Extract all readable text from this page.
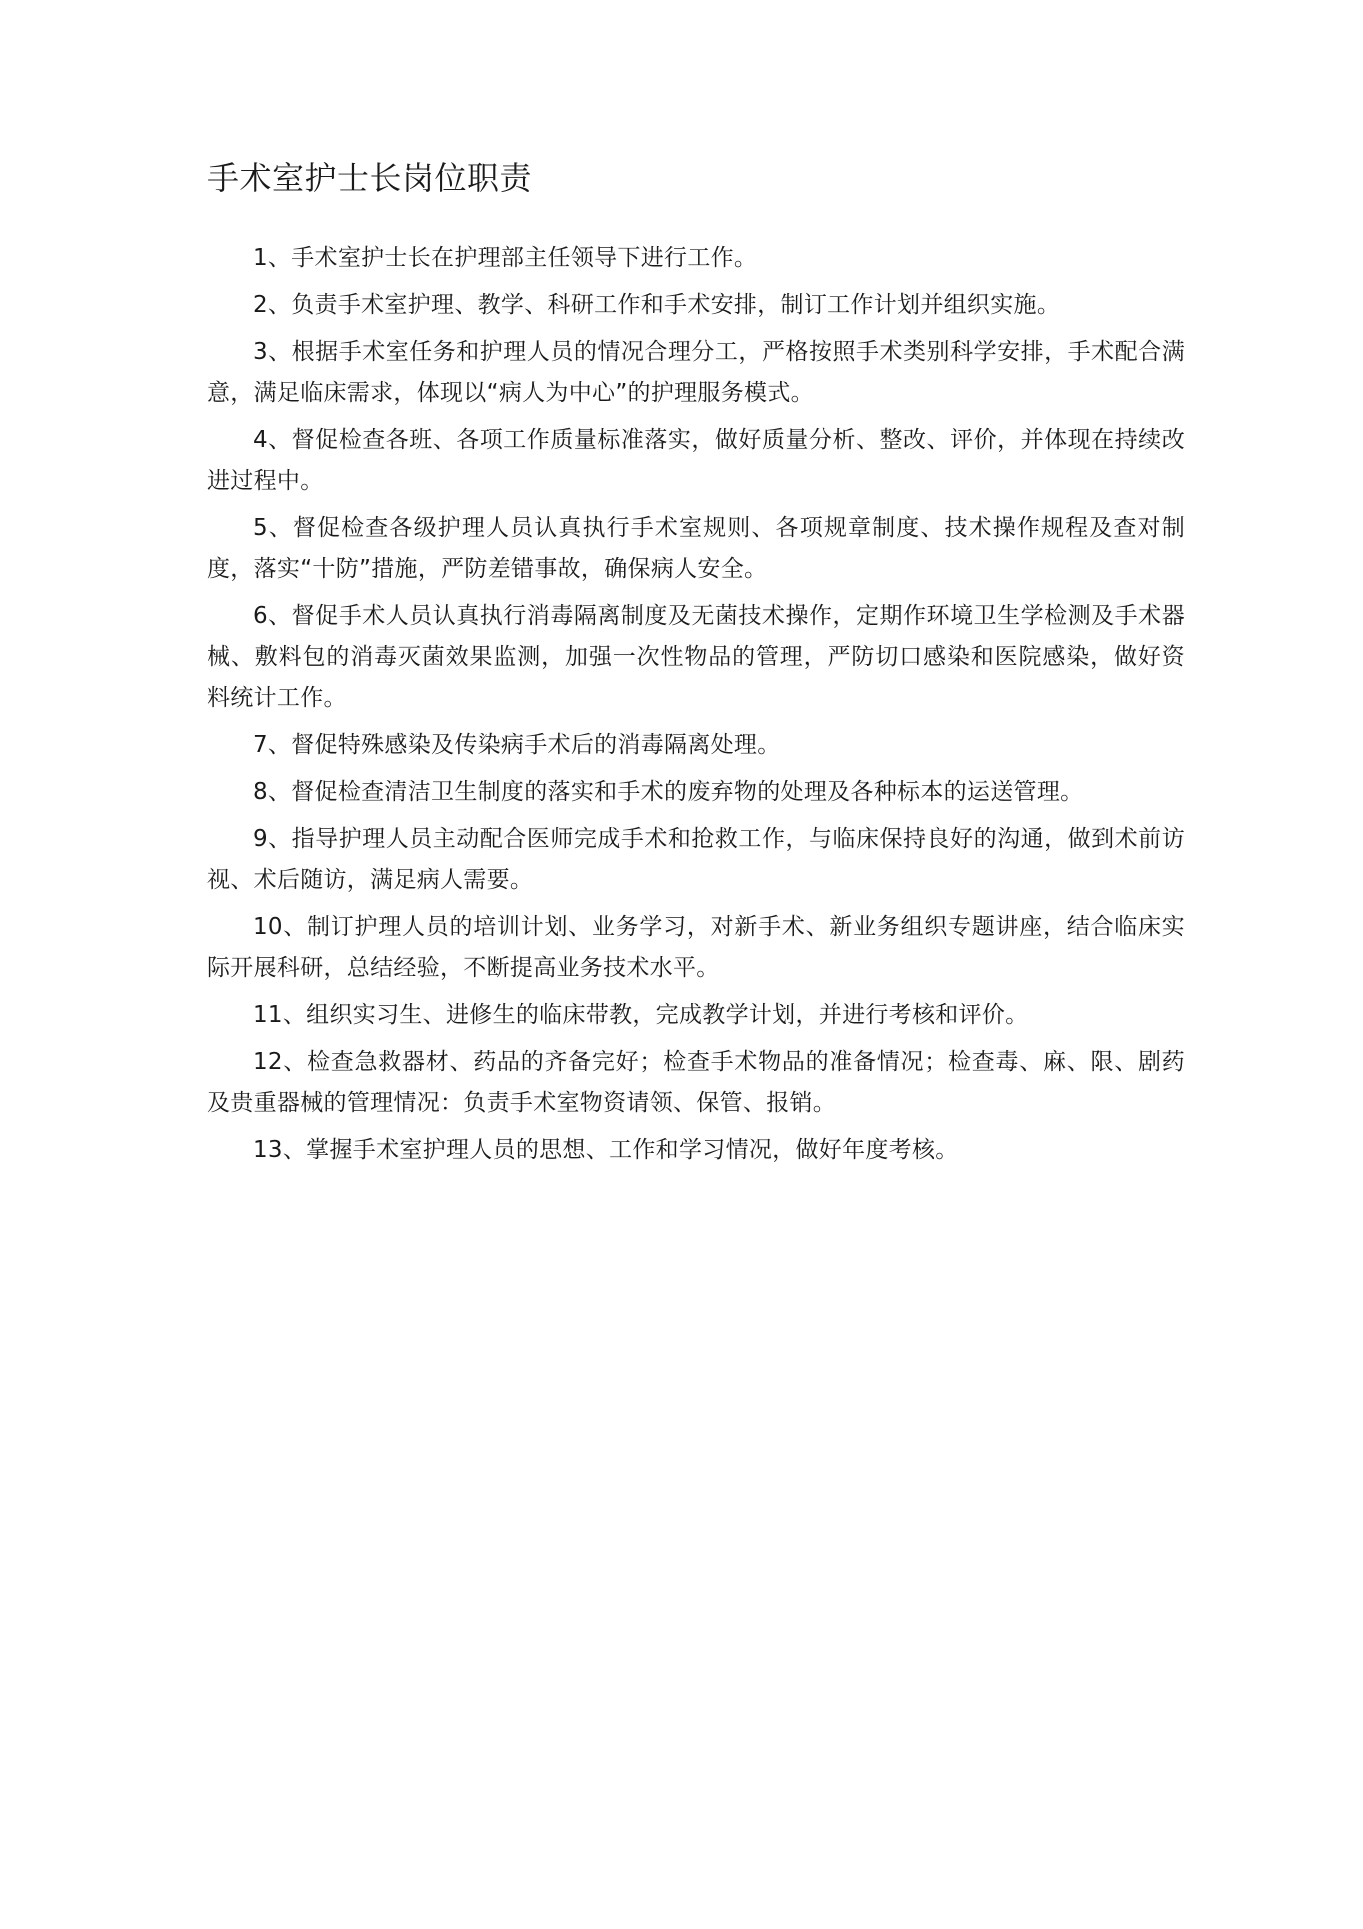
手术室护士长岗位职责
1、手术室护士长在护理部主任领导下进行工作。
2、负责手术室护理、教学、科研工作和手术安排，制订工作计划并组织实施。
3、根据手术室任务和护理人员的情况合理分工，严格按照手术类别科学安排，手术配合满意，满足临床需求，体现以“病人为中心”的护理服务模式。
4、督促检查各班、各项工作质量标准落实，做好质量分析、整改、评价，并体现在持续改进过程中。
5、督促检查各级护理人员认真执行手术室规则、各项规章制度、技术操作规程及查对制度，落实“十防”措施，严防差错事故，确保病人安全。
6、督促手术人员认真执行消毒隔离制度及无菌技术操作，定期作环境卫生学检测及手术器械、敷料包的消毒灭菌效果监测，加强一次性物品的管理，严防切口感染和医院感染，做好资料统计工作。
7、督促特殊感染及传染病手术后的消毒隔离处理。
8、督促检查清洁卫生制度的落实和手术的废弃物的处理及各种标本的运送管理。
9、指导护理人员主动配合医师完成手术和抢救工作，与临床保持良好的沟通，做到术前访视、术后随访，满足病人需要。
10、制订护理人员的培训计划、业务学习，对新手术、新业务组织专题讲座，结合临床实际开展科研，总结经验，不断提高业务技术水平。
11、组织实习生、进修生的临床带教，完成教学计划，并进行考核和评价。
12、检查急救器材、药品的齐备完好；检查手术物品的准备情况；检查毒、麻、限、剧药及贵重器械的管理情况：负责手术室物资请领、保管、报销。
13、掌握手术室护理人员的思想、工作和学习情况，做好年度考核。
